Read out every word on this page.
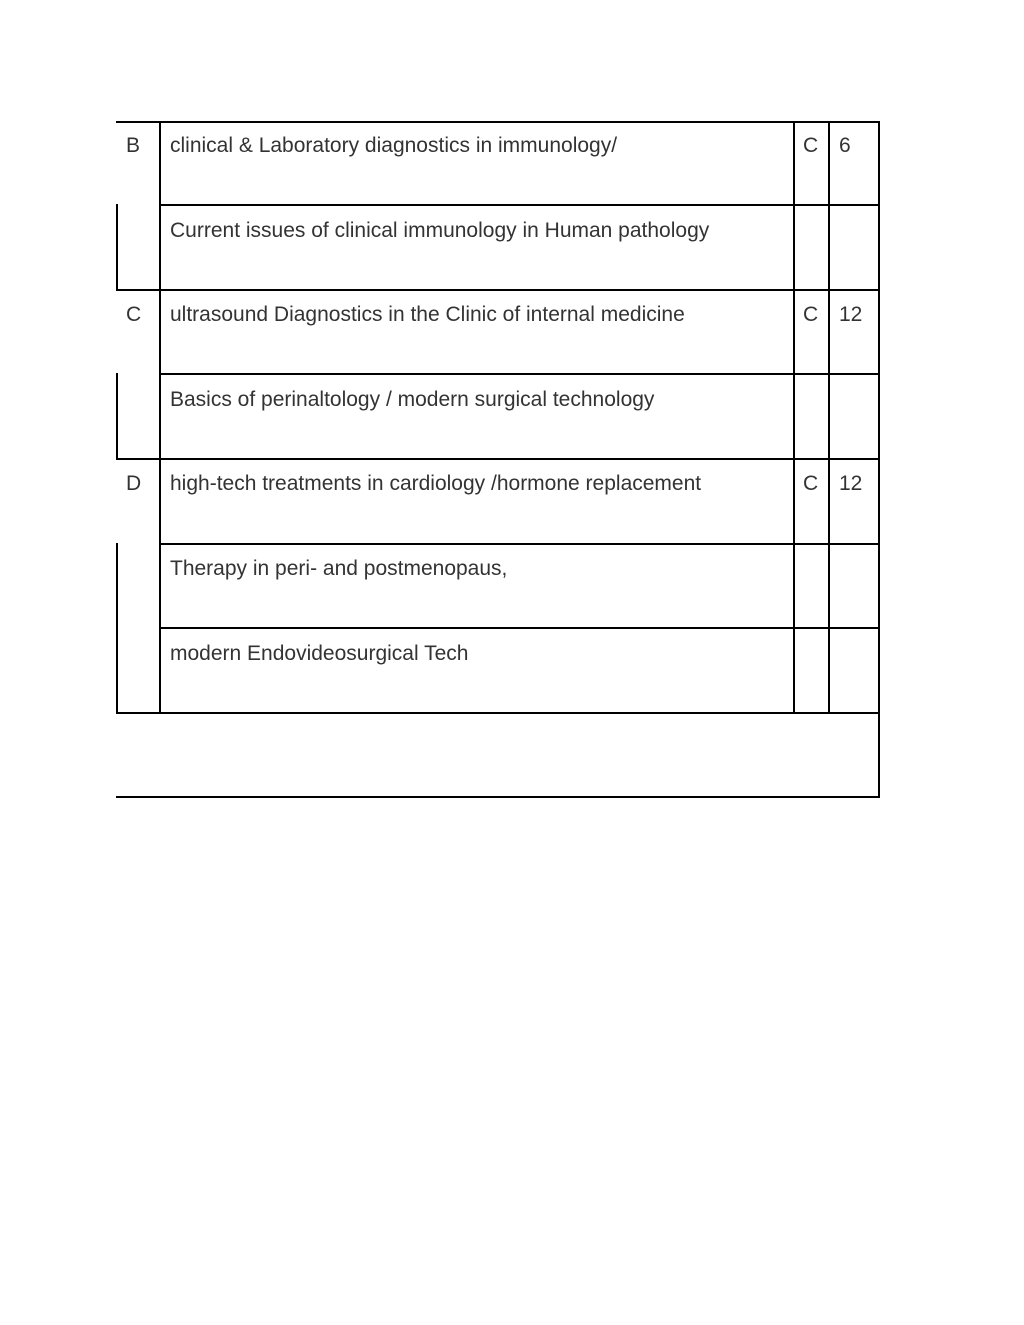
B clinical & Laboratory diagnostics in immunology/	C 6
Current issues of clinical immunology in Human pathology
C ultrasound Diagnostics in the Clinic of internal medicine	C 12
Basics of perinaltology / modern surgical technology
D high-tech treatments in cardiology /hormone replacement	C 12
Therapy in peri- and postmenopaus,
modern Endovideosurgical Tech
